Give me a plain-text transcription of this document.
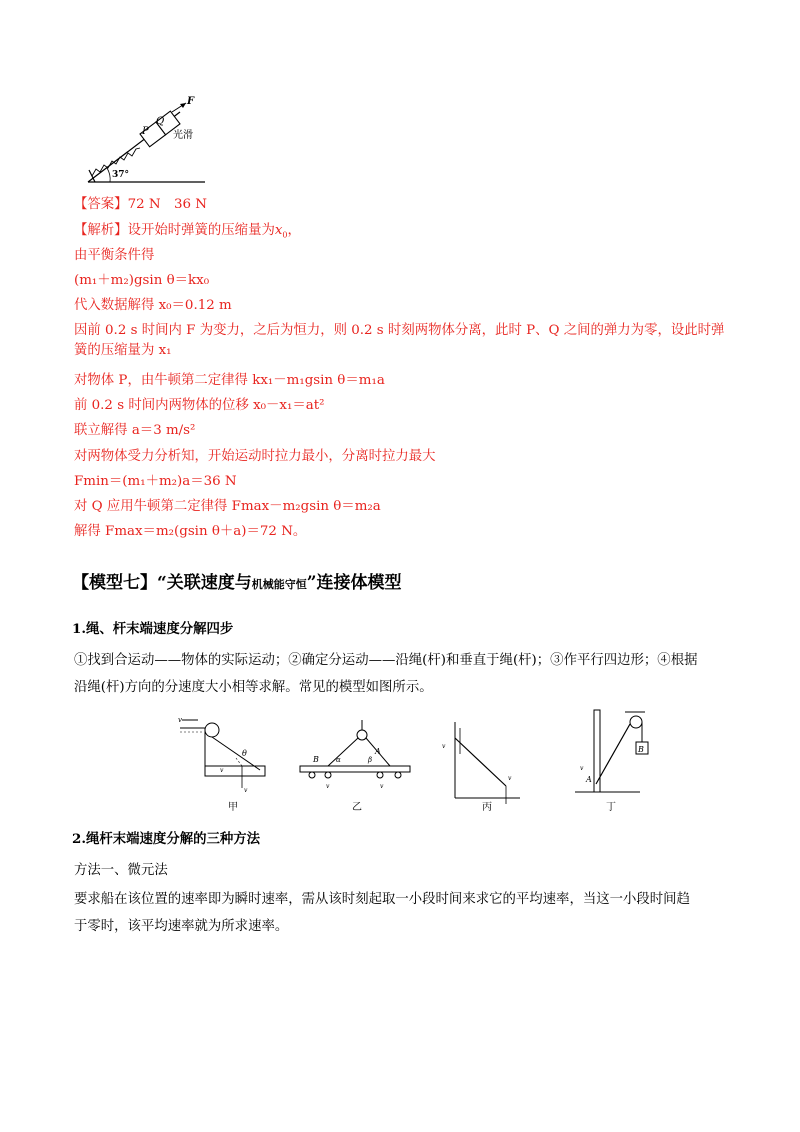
P
Q
F
光滑
37°
【答案】72 N　36 N
【解析】设开始时弹簧的压缩量为$x_0$，
由平衡条件得
(m₁＋m₂)gsin θ＝kx₀
代入数据解得 x₀＝0.12 m
因前 0.2 s 时间内 F 为变力，之后为恒力，则 0.2 s 时刻两物体分离，此时 P、Q 之间的弹力为零，设此时弹簧的压缩量为 x₁
对物体 P，由牛顿第二定律得 kx₁－m₁gsin θ＝m₁a
前 0.2 s 时间内两物体的位移 x₀－x₁＝at²
联立解得 a＝3 m/s²
对两物体受力分析知，开始运动时拉力最小，分离时拉力最大
Fmin＝(m₁＋m₂)a＝36 N
对 Q 应用牛顿第二定律得 Fmax－m₂gsin θ＝m₂a
解得 Fmax＝m₂(gsin θ＋a)＝72 N。
【模型七】“关联速度与机械能守恒”连接体模型
1.绳、杆末端速度分解四步
①找到合运动——物体的实际运动；②确定分运动——沿绳(杆)和垂直于绳(杆)；③作平行四边形；④根据
沿绳(杆)方向的分速度大小相等求解。常见的模型如图所示。
v
θ
v
v
甲
B
A
α	β
v	v
乙
v
v
丙
B
A
v
丁
2.绳杆末端速度分解的三种方法
方法一、微元法
要求船在该位置的速率即为瞬时速率，需从该时刻起取一小段时间来求它的平均速率，当这一小段时间趋
于零时，该平均速率就为所求速率。
